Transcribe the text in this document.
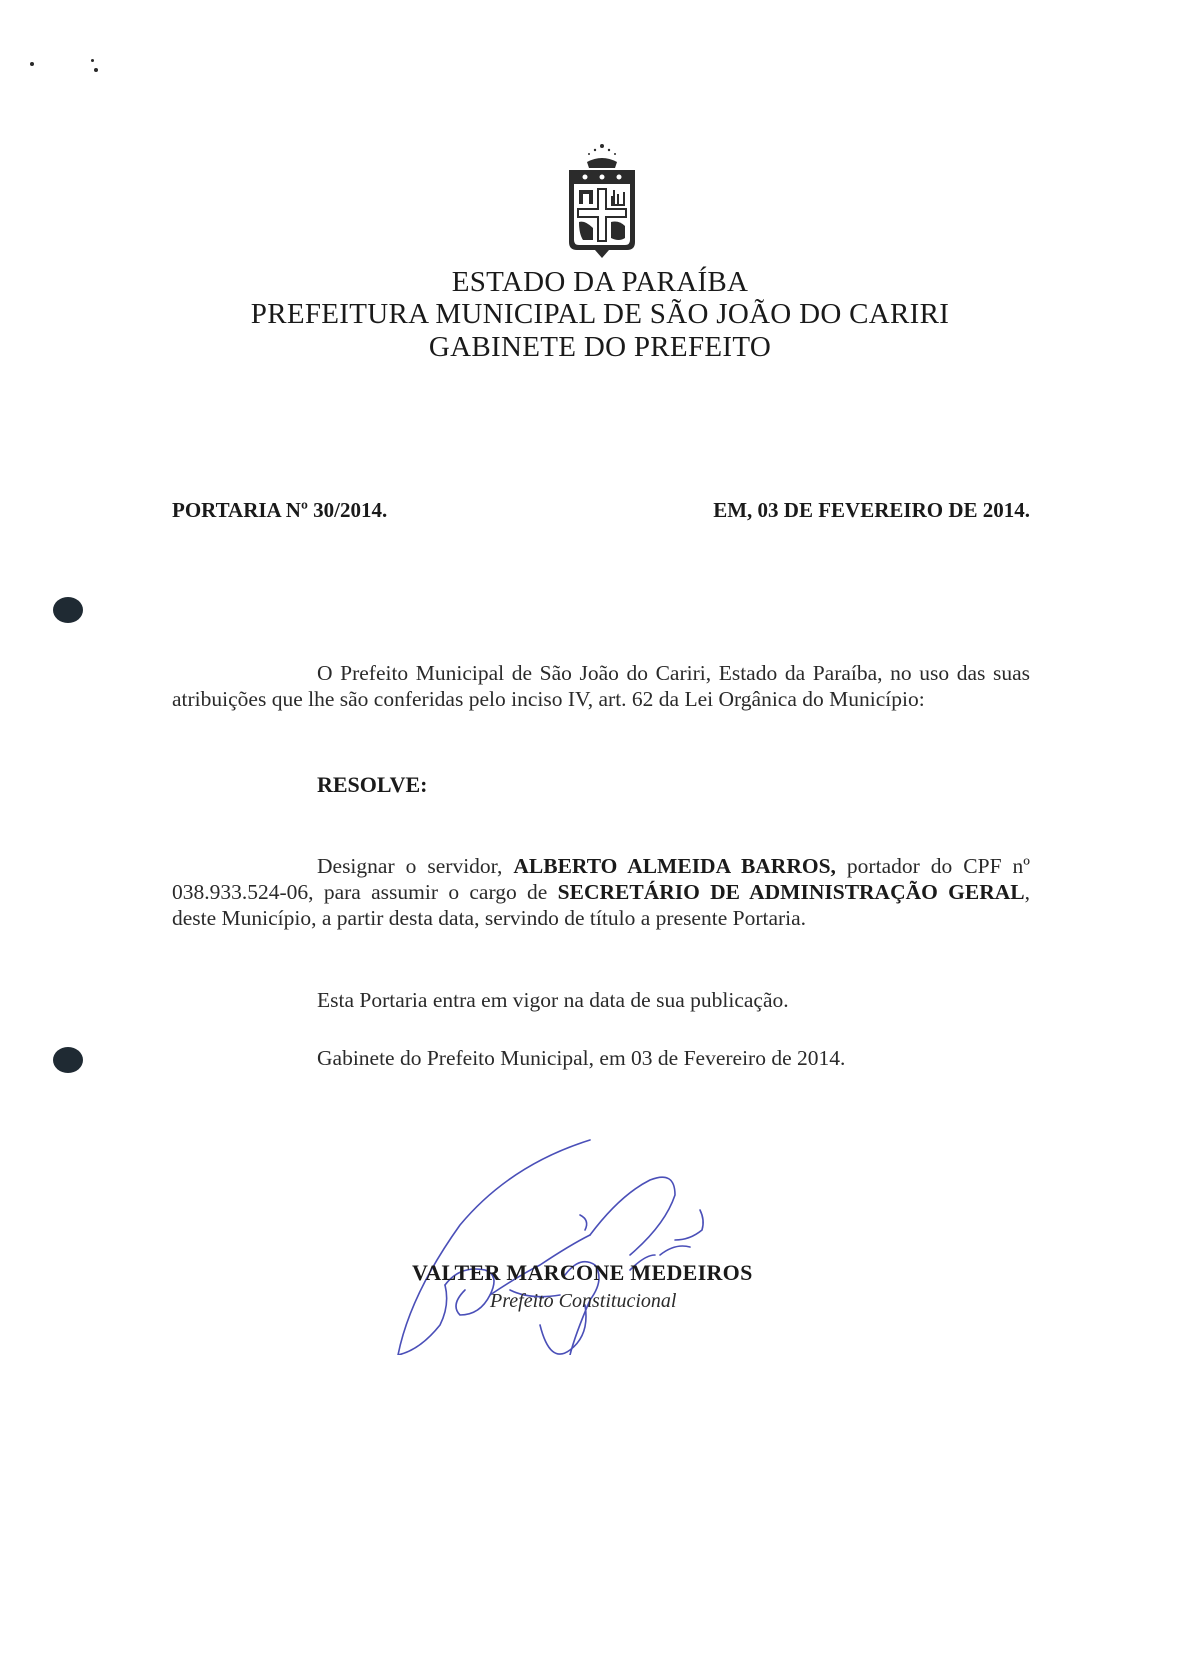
ESTADO DA PARAÍBA
PREFEITURA MUNICIPAL DE SÃO JOÃO DO CARIRI
GABINETE DO PREFEITO
PORTARIA Nº 30/2014.	EM, 03 DE FEVEREIRO DE 2014.
O Prefeito Municipal de São João do Cariri, Estado da Paraíba, no uso das suas atribuições que lhe são conferidas pelo inciso IV, art. 62 da Lei Orgânica do Município:
RESOLVE:
Designar o servidor, ALBERTO ALMEIDA BARROS, portador do CPF nº 038.933.524-06, para assumir o cargo de SECRETÁRIO DE ADMINISTRAÇÃO GERAL, deste Município, a partir desta data, servindo de título a presente Portaria.
Esta Portaria entra em vigor na data de sua publicação.
Gabinete do Prefeito Municipal, em 03 de Fevereiro de 2014.
VALTER MARCONE MEDEIROS
Prefeito Constitucional
